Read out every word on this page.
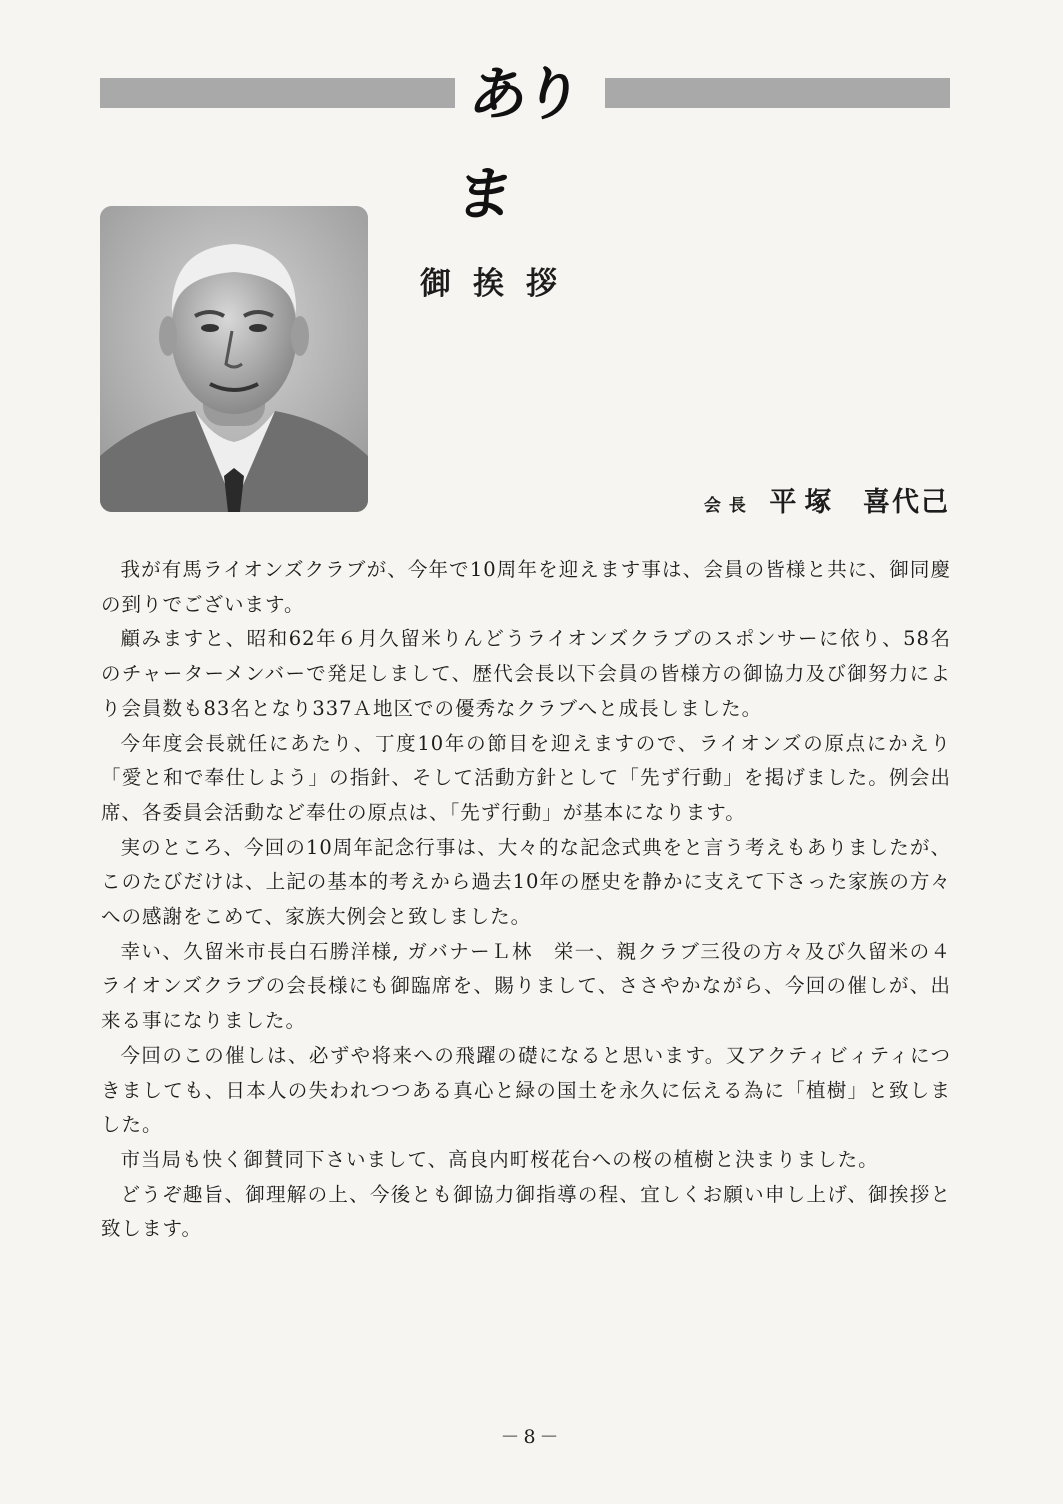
ありま
御挨拶
会長 平塚 喜代己

我が有馬ライオンズクラブが、今年で10周年を迎えます事は、会員の皆様と共に、御同慶の到りでございます。

顧みますと、昭和62年６月久留米りんどうライオンズクラブのスポンサーに依り、58名のチャーターメンバーで発足しまして、歴代会長以下会員の皆様方の御協力及び御努力により会員数も83名となり337Ａ地区での優秀なクラブへと成長しました。

今年度会長就任にあたり、丁度10年の節目を迎えますので、ライオンズの原点にかえり「愛と和で奉仕しよう」の指針、そして活動方針として「先ず行動」を掲げました。例会出席、各委員会活動など奉仕の原点は、「先ず行動」が基本になります。

実のところ、今回の10周年記念行事は、大々的な記念式典をと言う考えもありましたが、このたびだけは、上記の基本的考えから過去10年の歴史を静かに支えて下さった家族の方々への感謝をこめて、家族大例会と致しました。

幸い、久留米市長白石勝洋様, ガバナーＬ林　栄一、親クラブ三役の方々及び久留米の４ライオンズクラブの会長様にも御臨席を、賜りまして、ささやかながら、今回の催しが、出来る事になりました。

今回のこの催しは、必ずや将来への飛躍の礎になると思います。又アクティビィティにつきましても、日本人の失われつつある真心と緑の国土を永久に伝える為に「植樹」と致しました。

市当局も快く御賛同下さいまして、高良内町桜花台への桜の植樹と決まりました。

どうぞ趣旨、御理解の上、今後とも御協力御指導の程、宜しくお願い申し上げ、御挨拶と致します。

－8－
